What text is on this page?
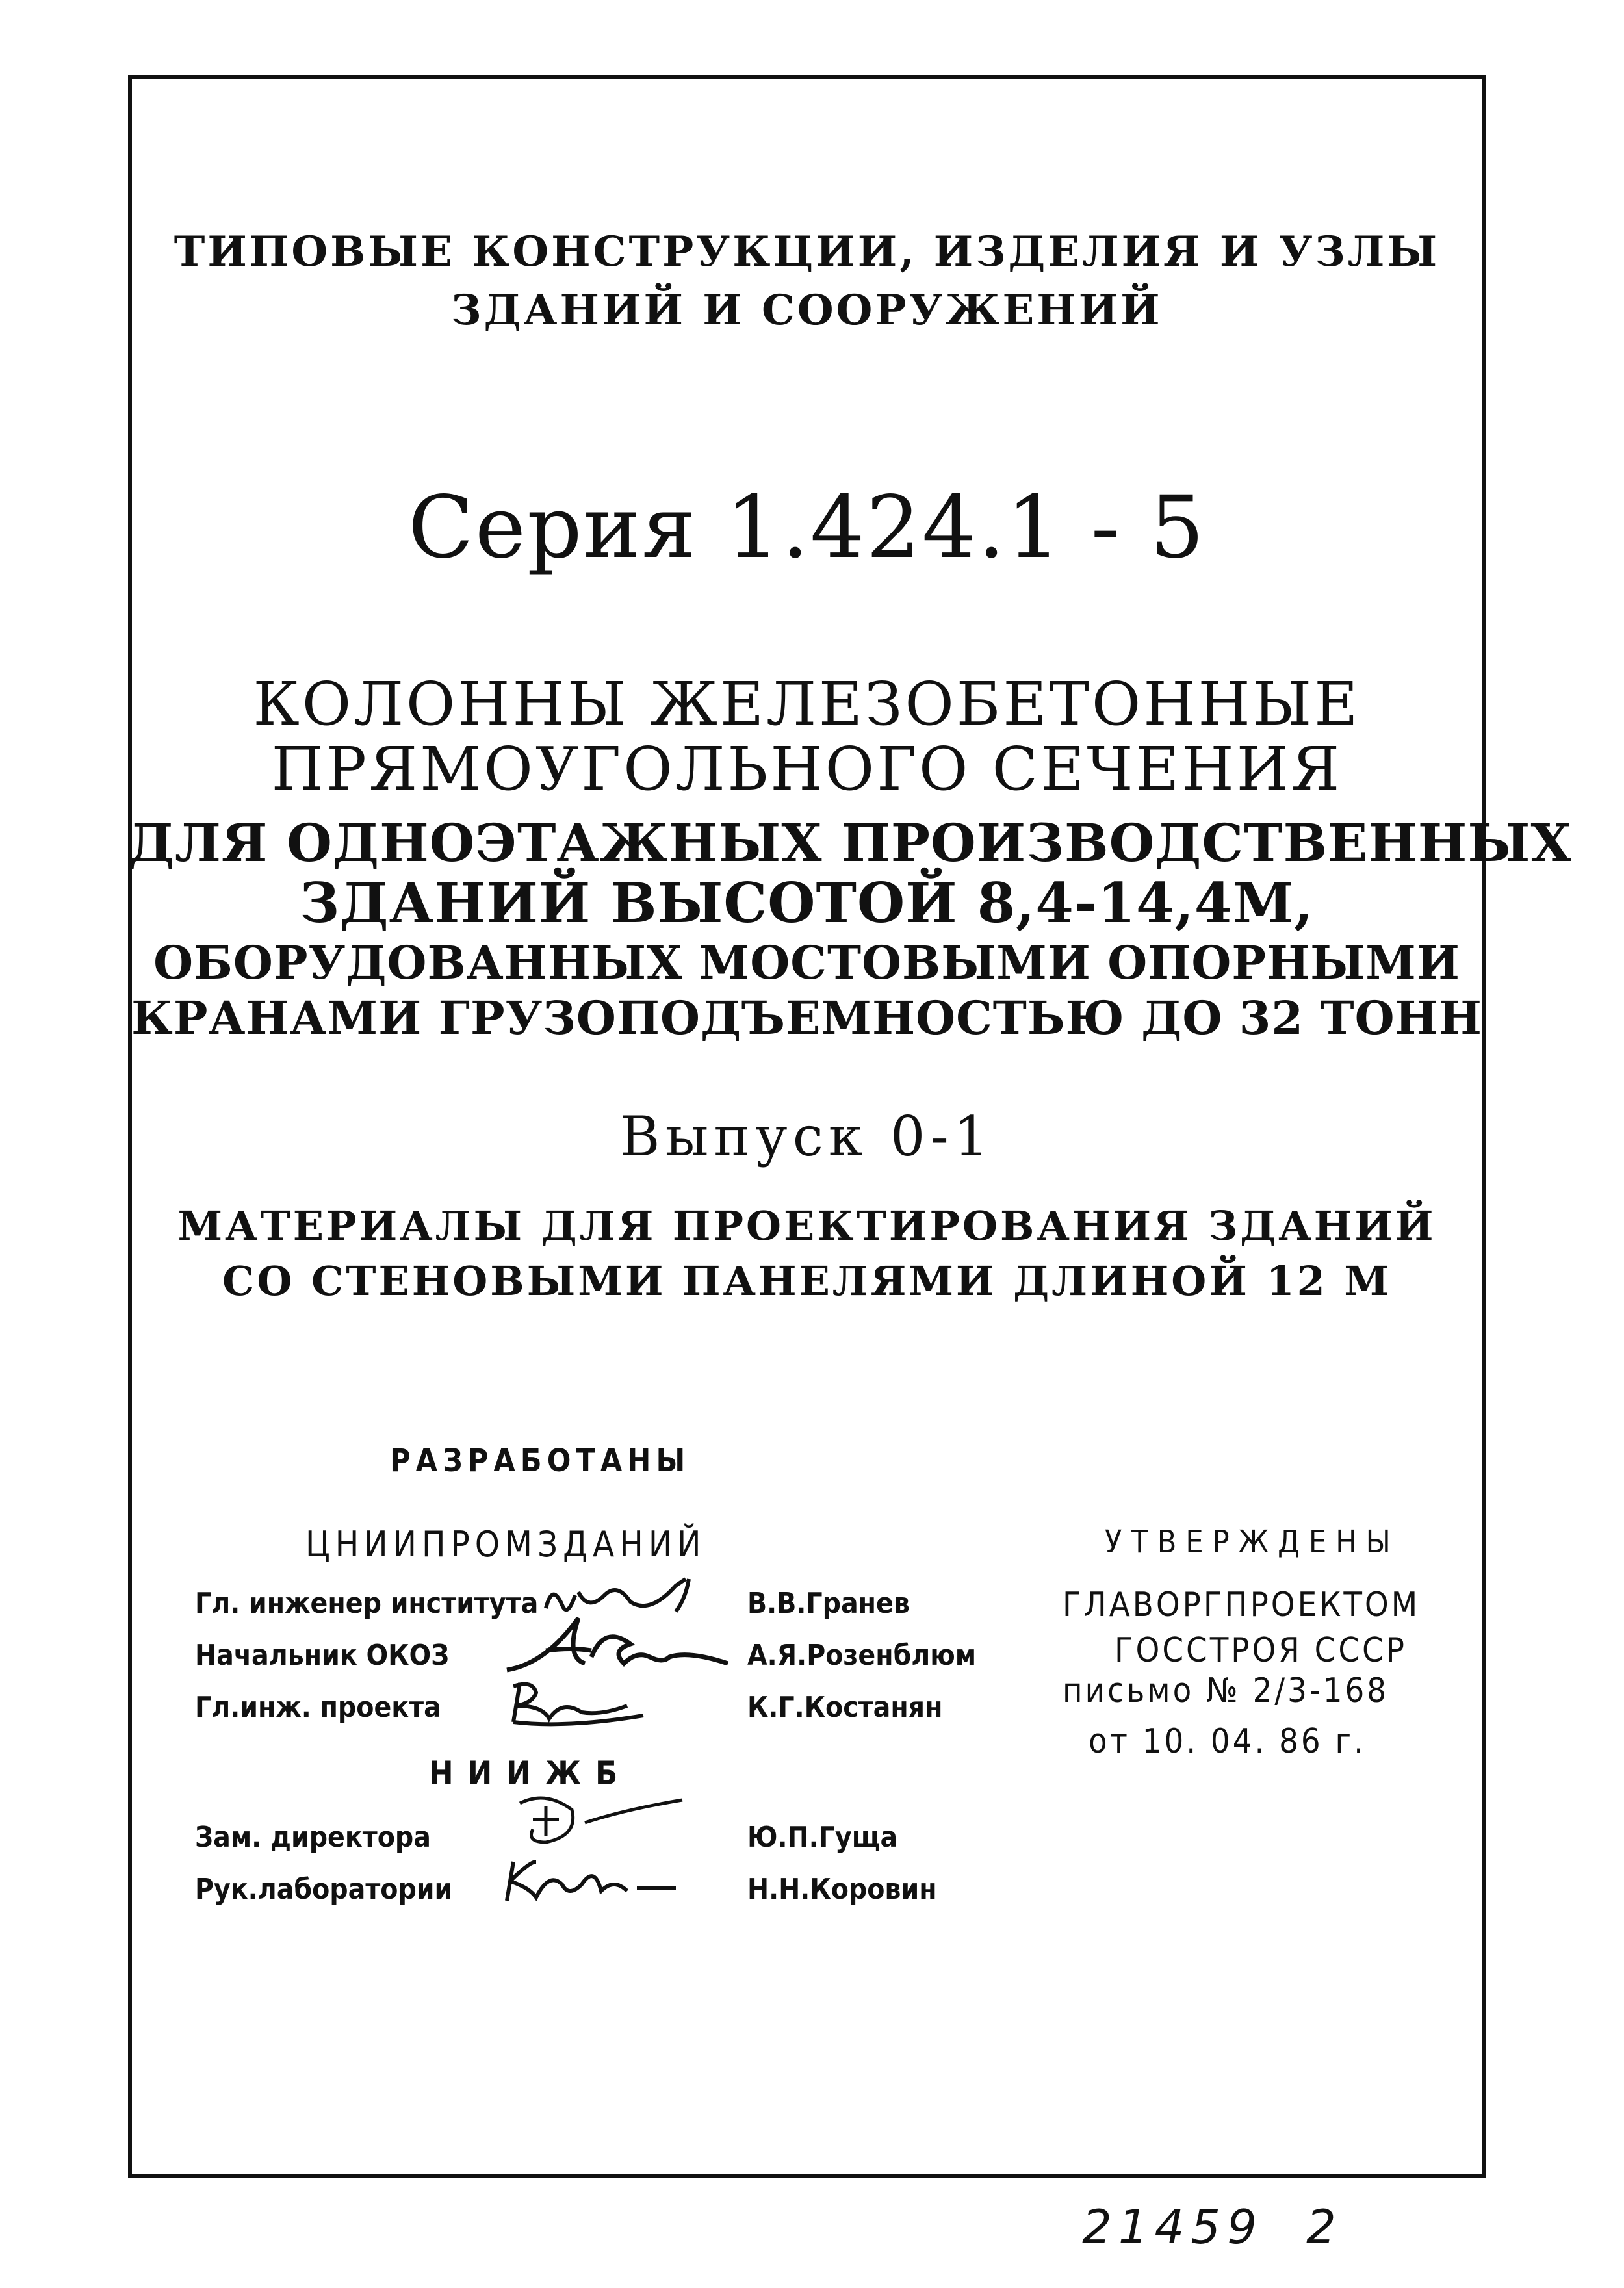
ТИПОВЫЕ КОНСТРУКЦИИ, ИЗДЕЛИЯ И УЗЛЫ
ЗДАНИЙ И СООРУЖЕНИЙ
Серия 1.424.1 - 5
КОЛОННЫ ЖЕЛЕЗОБЕТОННЫЕ
ПРЯМОУГОЛЬНОГО СЕЧЕНИЯ
ДЛЯ ОДНОЭТАЖНЫХ ПРОИЗВОДСТВЕННЫХ
ЗДАНИЙ ВЫСОТОЙ 8,4-14,4М,
ОБОРУДОВАННЫХ МОСТОВЫМИ ОПОРНЫМИ
КРАНАМИ ГРУЗОПОДЪЕМНОСТЬЮ ДО 32 ТОНН
Выпуск 0-1
МАТЕРИАЛЫ ДЛЯ ПРОЕКТИРОВАНИЯ ЗДАНИЙ
СО СТЕНОВЫМИ ПАНЕЛЯМИ ДЛИНОЙ 12 М
РАЗРАБОТАНЫ
ЦНИИПРОМЗДАНИЙ
Гл. инженер института
Начальник ОКОЗ
Гл.инж. проекта
В.В.Гранев
А.Я.Розенблюм
К.Г.Костанян
НИИЖБ
Зам. директора
Рук.лаборатории
Ю.П.Гуща
Н.Н.Коровин
УТВЕРЖДЕНЫ
ГЛАВОРГПРОЕКТОМ
ГОССТРОЯ СССР
письмо № 2/3-168
от 10. 04. 86 г.
21459 2
